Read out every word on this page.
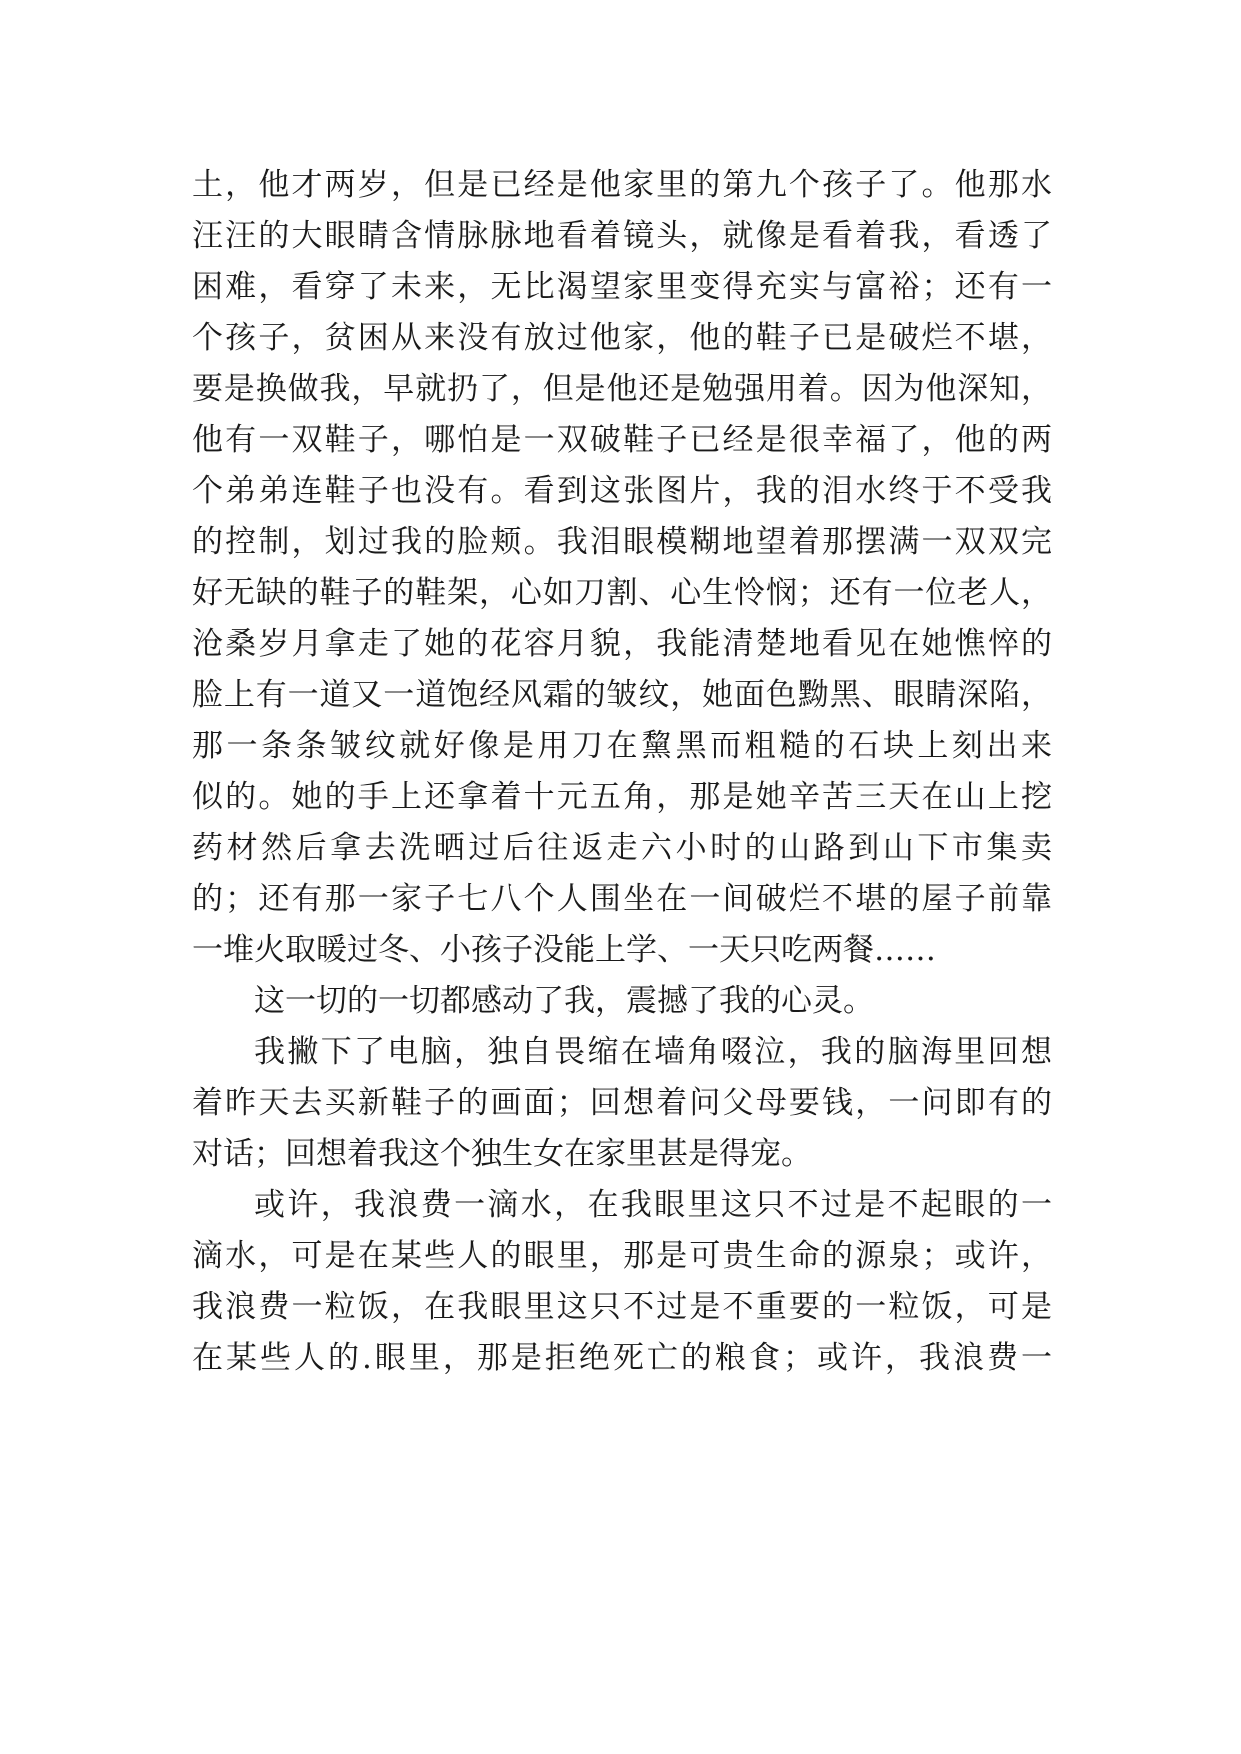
土，他才两岁，但是已经是他家里的第九个孩子了。他那水
汪汪的大眼睛含情脉脉地看着镜头，就像是看着我，看透了
困难，看穿了未来，无比渴望家里变得充实与富裕；还有一
个孩子，贫困从来没有放过他家，他的鞋子已是破烂不堪，
要是换做我，早就扔了，但是他还是勉强用着。因为他深知，
他有一双鞋子，哪怕是一双破鞋子已经是很幸福了，他的两
个弟弟连鞋子也没有。看到这张图片，我的泪水终于不受我
的控制，划过我的脸颊。我泪眼模糊地望着那摆满一双双完
好无缺的鞋子的鞋架，心如刀割、心生怜悯；还有一位老人，
沧桑岁月拿走了她的花容月貌，我能清楚地看见在她憔悴的
脸上有一道又一道饱经风霜的皱纹，她面色黝黑、眼睛深陷，
那一条条皱纹就好像是用刀在黧黑而粗糙的石块上刻出来
似的。她的手上还拿着十元五角，那是她辛苦三天在山上挖
药材然后拿去洗晒过后往返走六小时的山路到山下市集卖
的；还有那一家子七八个人围坐在一间破烂不堪的屋子前靠
一堆火取暖过冬、小孩子没能上学、一天只吃两餐……
这一切的一切都感动了我，震撼了我的心灵。
我撇下了电脑，独自畏缩在墙角啜泣，我的脑海里回想
着昨天去买新鞋子的画面；回想着问父母要钱，一问即有的
对话；回想着我这个独生女在家里甚是得宠。
或许，我浪费一滴水，在我眼里这只不过是不起眼的一
滴水，可是在某些人的眼里，那是可贵生命的源泉；或许，
我浪费一粒饭，在我眼里这只不过是不重要的一粒饭，可是
在某些人的.眼里，那是拒绝死亡的粮食；或许，我浪费一
